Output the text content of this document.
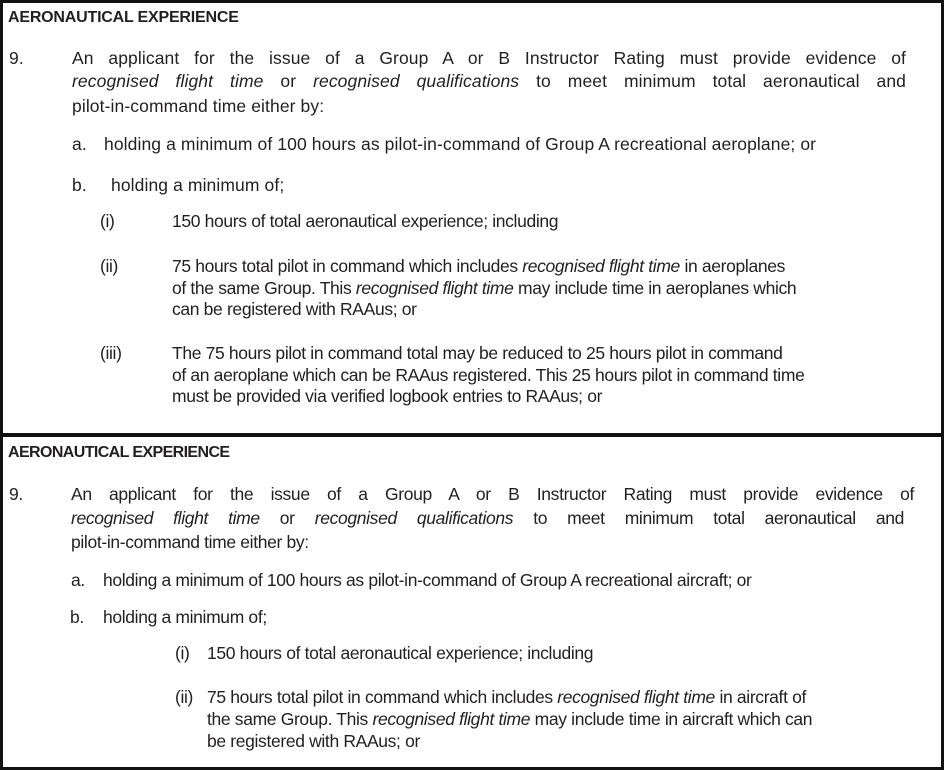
AERONAUTICAL EXPERIENCE
9.	An applicant for the issue of a Group A or B Instructor Rating must provide evidence of
recognised flight time or recognised qualifications to meet minimum total aeronautical and
pilot-in-command time either by:
a. holding a minimum of 100 hours as pilot-in-command of Group A recreational aeroplane; or
b. holding a minimum of;
(i)	150 hours of total aeronautical experience; including
(ii)	75 hours total pilot in command which includes recognised flight time in aeroplanes
of the same Group. This recognised flight time may include time in aeroplanes which
can be registered with RAAus; or
(iii)	The 75 hours pilot in command total may be reduced to 25 hours pilot in command
of an aeroplane which can be RAAus registered. This 25 hours pilot in command time
must be provided via verified logbook entries to RAAus; or
AERONAUTICAL EXPERIENCE
9.	An applicant for the issue of a Group A or B Instructor Rating must provide evidence of
recognised flight time or recognised qualifications to meet minimum total aeronautical and
pilot-in-command time either by:
a. holding a minimum of 100 hours as pilot-in-command of Group A recreational aircraft; or
b. holding a minimum of;
(i) 150 hours of total aeronautical experience; including
(ii) 75 hours total pilot in command which includes recognised flight time in aircraft of
the same Group. This recognised flight time may include time in aircraft which can
be registered with RAAus; or
